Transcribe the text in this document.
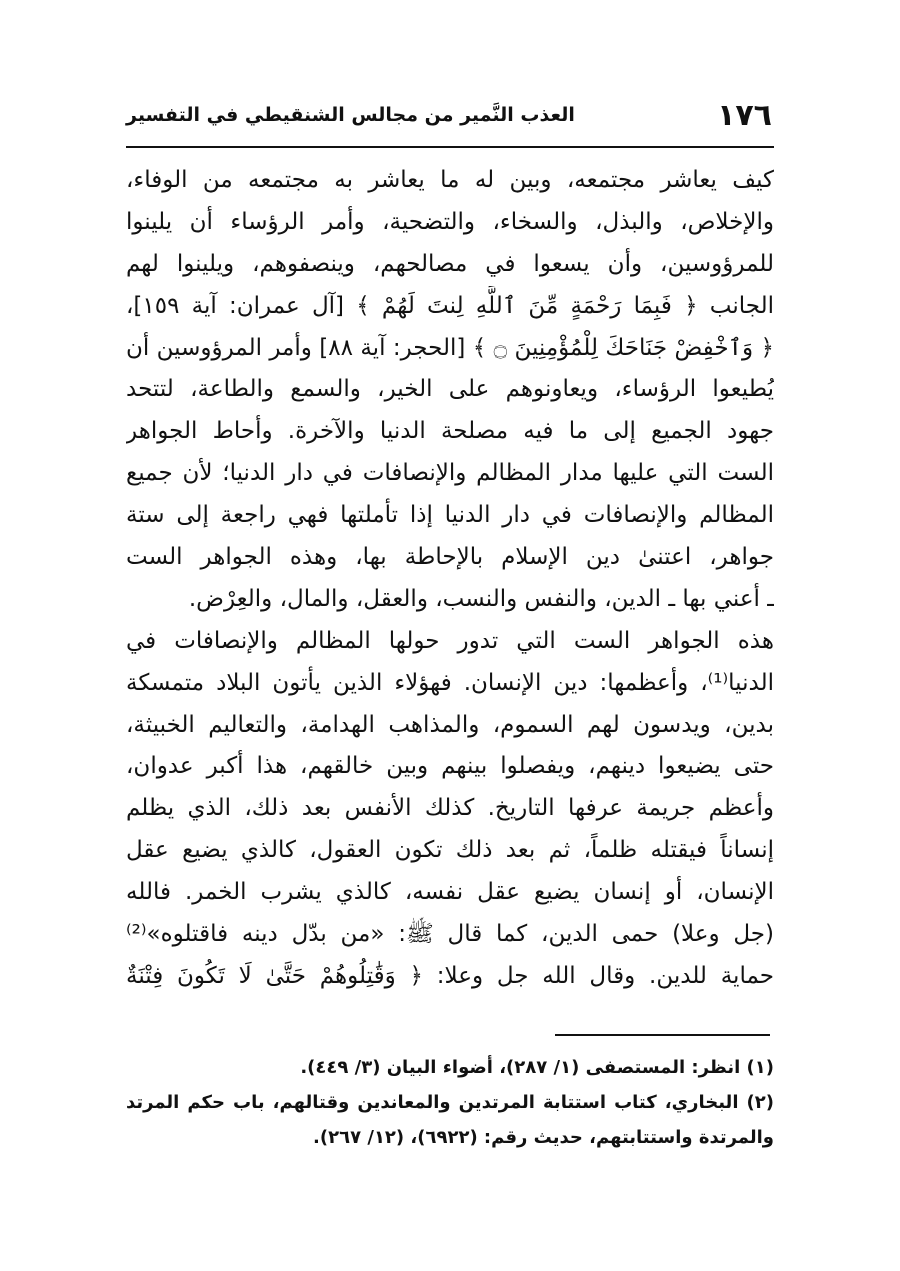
١٧٦
العذب النَّمير من مجالس الشنقيطي في التفسير
كيف يعاشر مجتمعه، وبين له ما يعاشر به مجتمعه من الوفاء،
والإخلاص، والبذل، والسخاء، والتضحية، وأمر الرؤساء أن يلينوا
للمرؤوسين، وأن يسعوا في مصالحهم، وينصفوهم، ويلينوا لهم
الجانب ﴿ فَبِمَا رَحْمَةٍ مِّنَ ٱللَّهِ لِنتَ لَهُمْ ﴾ [آل عمران: آية ١٥٩]،
﴿ وَٱخْفِضْ جَنَاحَكَ لِلْمُؤْمِنِينَ ۝ ﴾ [الحجر: آية ٨٨] وأمر المرؤوسين أن
يُطيعوا الرؤساء، ويعاونوهم على الخير، والسمع والطاعة، لتتحد
جهود الجميع إلى ما فيه مصلحة الدنيا والآخرة. وأحاط الجواهر
الست التي عليها مدار المظالم والإنصافات في دار الدنيا؛ لأن جميع
المظالم والإنصافات في دار الدنيا إذا تأملتها فهي راجعة إلى ستة
جواهر، اعتنىٰ دين الإسلام بالإحاطة بها، وهذه الجواهر الست
ـ أعني بها ـ الدين، والنفس والنسب، والعقل، والمال، والعِرْض.
هذه الجواهر الست التي تدور حولها المظالم والإنصافات في
الدنيا⁽¹⁾، وأعظمها: دين الإنسان. فهؤلاء الذين يأتون البلاد متمسكة
بدين، ويدسون لهم السموم، والمذاهب الهدامة، والتعاليم الخبيثة،
حتى يضيعوا دينهم، ويفصلوا بينهم وبين خالقهم، هذا أكبر عدوان،
وأعظم جريمة عرفها التاريخ. كذلك الأنفس بعد ذلك، الذي يظلم
إنساناً فيقتله ظلماً، ثم بعد ذلك تكون العقول، كالذي يضيع عقل
الإنسان، أو إنسان يضيع عقل نفسه، كالذي يشرب الخمر. فالله
(جل وعلا) حمى الدين، كما قال ﷺ: «من بدّل دينه فاقتلوه»⁽²⁾
حماية للدين. وقال الله جل وعلا: ﴿ وَقَٰتِلُوهُمْ حَتَّىٰ لَا تَكُونَ فِتْنَةٌ
(١) انظر: المستصفى (١/ ٢٨٧)، أضواء البيان (٣/ ٤٤٩).
(٢) البخاري، كتاب استتابة المرتدين والمعاندين وقتالهم، باب حكم المرتد
والمرتدة واستتابتهم، حديث رقم: (٦٩٢٢)، (١٢/ ٢٦٧).
